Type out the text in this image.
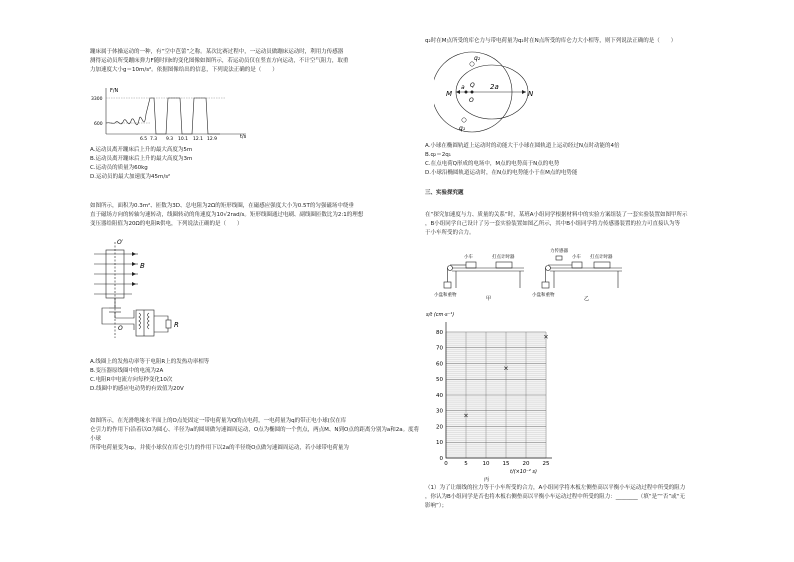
蹦床属于体操运动的一种，有“空中芭蕾”之称。某次比赛过程中，一运动员做蹦床运动时，利用力传感器
测得运动员所受蹦床弹力F随时间t的变化图像如图所示，若运动员仅在竖直方向运动，不计空气阻力，取重
力加速度大小g＝10m/s²。依据图像给出的信息，下列说法正确的是（　　）
F/N
t/s
3300
600
6.5 7.3 9.3 10.1 12.1 12.9
A.运动员离开蹦床后上升的最大高度为5m
B.运动员离开蹦床后上升的最大高度为3m
C.运动员的质量为60kg
D.运动员的最大加速度为45m/s²
如图所示，面积为0.3m²、匝数为3D、总电阻为2Ω的矩形线圈，在磁感应强度大小为0.5T的匀强磁场中绕垂
直于磁场方向的转轴匀速转动，线圈转动的角速度为10√2rad/s。矩形线圈通过电刷、副线圈匝数比为2:1的理想
变压器给阻值为20Ω的电阻R供电，下列说法正确的是（　　）
O′
B
O	R
A.线圈上的发热功率等于电阻R上的发热功率相等
B.变压器原线圈中的电流为2A
C.电阻R中电流方向每秒变化10次
D.线圈中的感应电动势的有效值为20V
如图所示，在光滑绝缘水平面上的O点处固定一带电荷量为Q的点电荷，一电荷量为q的带正电小球(仅在库
仑引力的作用下)沿着以O为圆心、半径为a的圆周做匀速圆周运动，O点为椭圆的一个焦点，两点M、N到O点的距离分别为a和2a。度将小球
所带电荷量变为q₂，并使小球仅在库仑引力的作用下以2a的半径绕O点做匀速圆周运动，若小球带电荷量为
q₂时在M点所受的库仑力与带电荷量为q₂时在N点所受的库仑力大小相等，则下列说法正确的是（　　）
q₂
M
a Q 2a
N
O
q₁
A.小球在椭圆轨道上运动时的动能大于小球在圆轨道上运动经过N点时动能的4倍
B.q₂＝2q₁
C.在点电荷Q形成的电场中，M点的电势高于N点的电势
D.小球沿椭圆轨道运动时，在N点的电势能小于在M点的电势能
三、实验探究题
在“探究加速度与力、质量的关系”时，某班A小组同学根据材料中的实验方案组装了一套实验装置如图甲所示
，B小组同学自己设计了另一套实验装置如图乙所示，其中B小组同学将力传感器装置的拉力可直接认为等
于小车所受的合力。
小车	打点计时器
小盘和重物
甲
力传感器
小车 打点计时器
小盘和重物
乙
0
10
20
30
40
50
60
70
80
0	5	10 15 20 25
s/t (cm·s⁻¹)
t/(×10⁻² s)
丙
（1）为了让细线的拉力等于小车所受的合力，A小组同学将木板左侧垫高以平衡小车运动过程中所受的阻力
，你认为B小组同学是否也将木板右侧垫高以平衡小车运动过程中所受的阻力：________（填“是”“否”或“无
影响”）；
